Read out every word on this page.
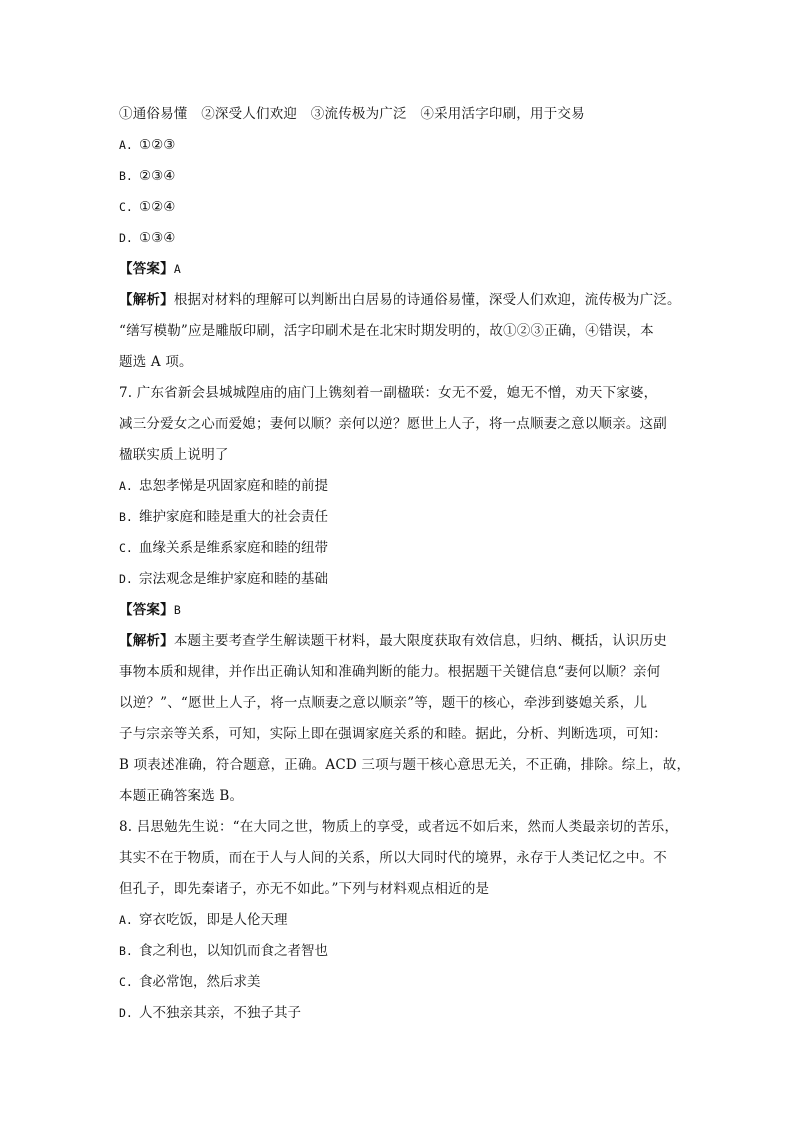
①通俗易懂　②深受人们欢迎　③流传极为广泛　④采用活字印刷，用于交易
A. ①②③
B. ②③④
C. ①②④
D. ①③④
【答案】A
【解析】根据对材料的理解可以判断出白居易的诗通俗易懂，深受人们欢迎，流传极为广泛。
“缮写模勒”应是雕版印刷，活字印刷术是在北宋时期发明的，故①②③正确，④错误，本
题选 A 项。
7. 广东省新会县城城隍庙的庙门上镌刻着一副楹联：女无不爱，媳无不憎，劝天下家婆，
减三分爱女之心而爱媳；妻何以顺？亲何以逆？愿世上人子，将一点顺妻之意以顺亲。这副
楹联实质上说明了
A. 忠恕孝悌是巩固家庭和睦的前提
B. 维护家庭和睦是重大的社会责任
C. 血缘关系是维系家庭和睦的纽带
D. 宗法观念是维护家庭和睦的基础
【答案】B
【解析】本题主要考查学生解读题干材料，最大限度获取有效信息，归纳、概括，认识历史
事物本质和规律，并作出正确认知和准确判断的能力。根据题干关键信息“妻何以顺？亲何
以逆？”、“愿世上人子，将一点顺妻之意以顺亲”等，题干的核心，牵涉到婆媳关系，儿
子与宗亲等关系，可知，实际上即在强调家庭关系的和睦。据此，分析、判断选项，可知：
B 项表述准确，符合题意，正确。ACD 三项与题干核心意思无关，不正确，排除。综上，故，
本题正确答案选 B。
8. 吕思勉先生说：“在大同之世，物质上的享受，或者远不如后来，然而人类最亲切的苦乐，
其实不在于物质，而在于人与人间的关系，所以大同时代的境界，永存于人类记忆之中。不
但孔子，即先秦诸子，亦无不如此。”下列与材料观点相近的是
A. 穿衣吃饭，即是人伦天理
B. 食之利也，以知饥而食之者智也
C. 食必常饱，然后求美
D. 人不独亲其亲，不独子其子
